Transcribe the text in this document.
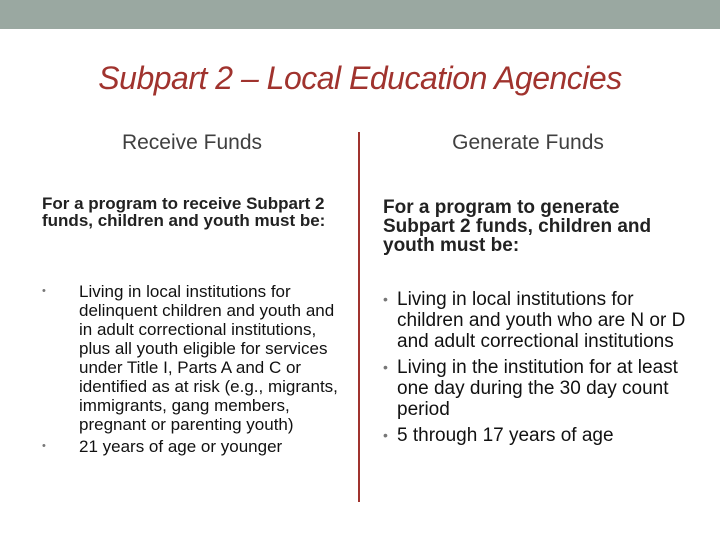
Subpart 2 – Local Education Agencies
Receive Funds	Generate Funds
For a program to receive Subpart 2 funds, children and youth must be:
For a program to generate Subpart 2 funds, children and youth must be:
• Living in local institutions for delinquent children and youth and in adult correctional institutions, plus all youth eligible for services under Title I, Parts A and C or identified as at risk (e.g., migrants, immigrants, gang members, pregnant or parenting youth)
• 21 years of age or younger
• Living in local institutions for children and youth who are N or D and adult correctional institutions
• Living in the institution for at least one day during the 30 day count period
• 5 through 17 years of age
